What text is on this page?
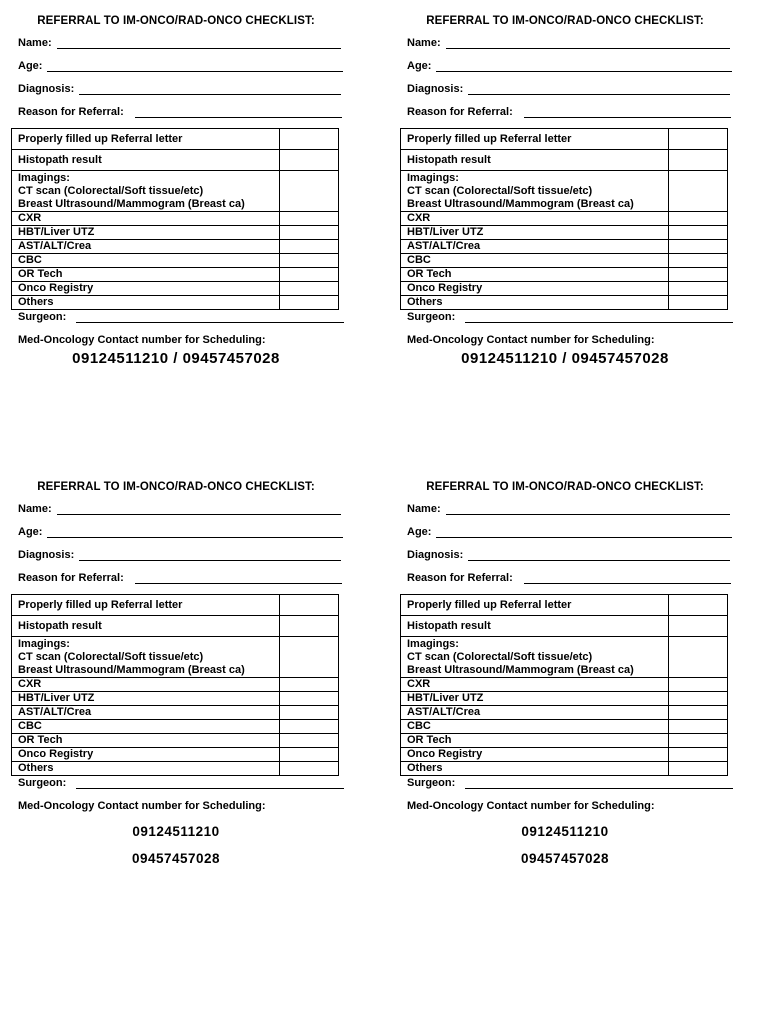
REFERRAL TO IM-ONCO/RAD-ONCO CHECKLIST:
Name:
Age:
Diagnosis:
Reason for Referral:
Properly filled up Referral letter	
Histopath result	

Imagings:
CT scan (Colorectal/Soft tissue/etc)
Breast Ultrasound/Mammogram (Breast ca)	

CXR	
HBT/Liver UTZ	
AST/ALT/Crea	
CBC	
OR Tech	
Onco Registry	
Others	
Surgeon:
Med-Oncology Contact number for Scheduling:
09124511210 / 09457457028
REFERRAL TO IM-ONCO/RAD-ONCO CHECKLIST:
Name:
Age:
Diagnosis:
Reason for Referral:
Properly filled up Referral letter	
Histopath result	

Imagings:
CT scan (Colorectal/Soft tissue/etc)
Breast Ultrasound/Mammogram (Breast ca)	

CXR	
HBT/Liver UTZ	
AST/ALT/Crea	
CBC	
OR Tech	
Onco Registry	
Others	
Surgeon:
Med-Oncology Contact number for Scheduling:
09124511210 / 09457457028
REFERRAL TO IM-ONCO/RAD-ONCO CHECKLIST:
Name:
Age:
Diagnosis:
Reason for Referral:
Properly filled up Referral letter	
Histopath result	

Imagings:
CT scan (Colorectal/Soft tissue/etc)
Breast Ultrasound/Mammogram (Breast ca)	

CXR	
HBT/Liver UTZ	
AST/ALT/Crea	
CBC	
OR Tech	
Onco Registry	
Others	
Surgeon:
Med-Oncology Contact number for Scheduling:
09124511210
09457457028
REFERRAL TO IM-ONCO/RAD-ONCO CHECKLIST:
Name:
Age:
Diagnosis:
Reason for Referral:
Properly filled up Referral letter	
Histopath result	

Imagings:
CT scan (Colorectal/Soft tissue/etc)
Breast Ultrasound/Mammogram (Breast ca)	

CXR	
HBT/Liver UTZ	
AST/ALT/Crea	
CBC	
OR Tech	
Onco Registry	
Others	
Surgeon:
Med-Oncology Contact number for Scheduling:
09124511210
09457457028
